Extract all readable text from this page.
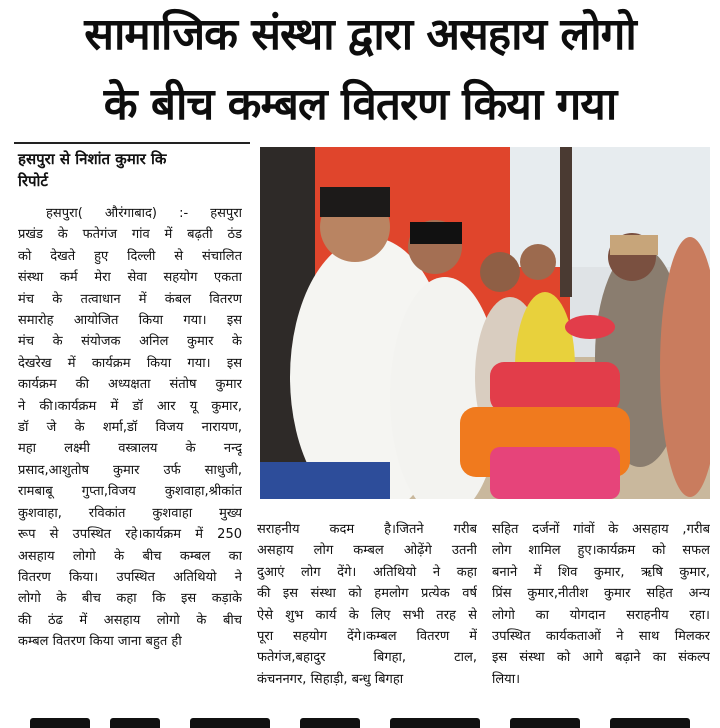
सामाजिक संस्था द्वारा असहाय लोगो
के बीच कम्बल वितरण किया गया
हसपुरा से निशांत कुमार कि
रिपोर्ट
हसपुरा( औरंगाबाद) :- हसपुरा
प्रखंड के फतेगंज गांव में बढ़ती ठंड
को देखते हुए दिल्ली से संचालित
संस्था कर्म मेरा सेवा सहयोग एकता
मंच के तत्वाधान में कंबल वितरण
समारोह आयोजित किया गया। इस
मंच के संयोजक अनिल कुमार के
देखरेख में कार्यक्रम किया गया। इस
कार्यक्रम की अध्यक्षता संतोष कुमार
ने की।कार्यक्रम में डॉ आर यू कुमार,
डॉ जे के शर्मा,डॉ विजय नारायण,
महा लक्ष्मी वस्त्रालय के नन्दू
प्रसाद,आशुतोष कुमार उर्फ साधुजी,
रामबाबू गुप्ता,विजय कुशवाहा,श्रीकांत
कुशवाहा, रविकांत कुशवाहा मुख्य
रूप से उपस्थित रहे।कार्यक्रम में 250
असहाय लोगो के बीच कम्बल का
वितरण किया। उपस्थित अतिथियो ने
लोगो के बीच कहा कि इस कड़ाके
की ठंढ में असहाय लोगो के बीच
कम्बल वितरण किया जाना बहुत ही
सराहनीय कदम है।जितने गरीब
असहाय लोग कम्बल ओढ़ेंगे उतनी
दुआएं लोग देंगे। अतिथियो ने कहा
की इस संस्था को हमलोग प्रत्येक वर्ष
ऐसे शुभ कार्य के लिए सभी तरह से
पूरा सहयोग देंगे।कम्बल वितरण में
फतेगंज,बहादुर बिगहा, टाल,
कंचननगर, सिहाड़ी, बन्धु बिगहा
सहित दर्जनों गांवों के असहाय ,गरीब
लोग शामिल हुए।कार्यक्रम को सफल
बनाने में शिव कुमार, ऋषि कुमार,
प्रिंस कुमार,नीतीश कुमार सहित अन्य
लोगो का योगदान सराहनीय रहा।
उपस्थित कार्यकताओं ने साथ मिलकर
इस संस्था को आगे बढ़ाने का संकल्प
लिया।
